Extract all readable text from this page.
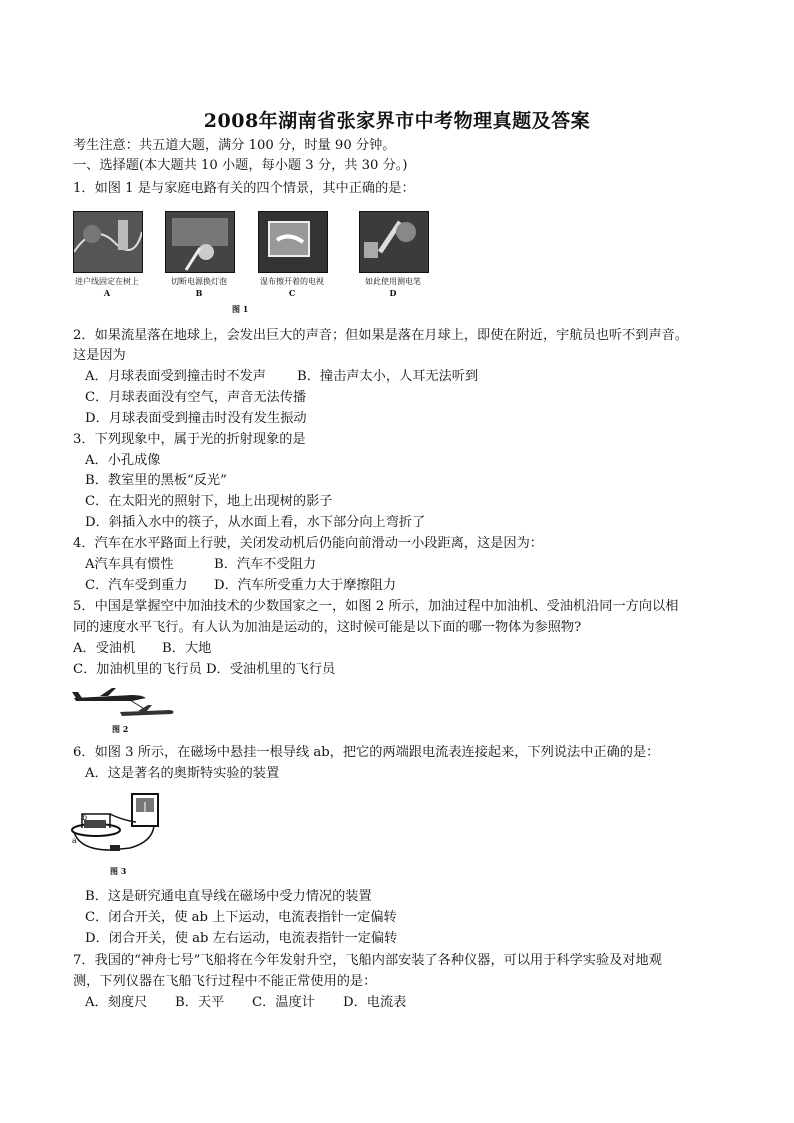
2008年湖南省张家界市中考物理真题及答案
考生注意：共五道大题，满分 100 分，时量 90 分钟。
一、选择题(本大题共 10 小题，每小题 3 分，共 30 分。)
1．如图 1 是与家庭电路有关的四个情景，其中正确的是：
进户线固定在树上	切断电源换灯泡	湿布擦开着的电视	如此使用测电笔
A	B	C	D
图 1
2．如果流星落在地球上，会发出巨大的声音；但如果是落在月球上，即使在附近，宇航员也听不到声音。
这是因为
A．月球表面受到撞击时不发声 B．撞击声太小，人耳无法听到
C．月球表面没有空气，声音无法传播
D．月球表面受到撞击时没有发生振动
3．下列现象中，属于光的折射现象的是
A．小孔成像
B．教室里的黑板“反光”
C．在太阳光的照射下，地上出现树的影子
D．斜插入水中的筷子，从水面上看，水下部分向上弯折了
4．汽车在水平路面上行驶，关闭发动机后仍能向前滑动一小段距离，这是因为：
A汽车具有惯性	B．汽车不受阻力
C．汽车受到重力 D．汽车所受重力大于摩擦阻力
5．中国是掌握空中加油技术的少数国家之一，如图 2 所示，加油过程中加油机、受油机沿同一方向以相
同的速度水平飞行。有人认为加油是运动的，这时候可能是以下面的哪一物体为参照物?
A．受油机 B．大地
C．加油机里的飞行员 D．受油机里的飞行员
图 2
6．如图 3 所示，在磁场中悬挂一根导线 ab，把它的两端跟电流表连接起来，下列说法中正确的是：
A．这是著名的奥斯特实验的装置
a
b
图 3
B．这是研究通电直导线在磁场中受力情况的装置
C．闭合开关，使 ab 上下运动，电流表指针一定偏转
D．闭合开关，使 ab 左右运动，电流表指针一定偏转
7．我国的“神舟七号”飞船将在今年发射升空，飞船内部安装了各种仪器，可以用于科学实验及对地观
测，下列仪器在飞船飞行过程中不能正常使用的是：
A．刻度尺 B．天平 C．温度计 D．电流表
